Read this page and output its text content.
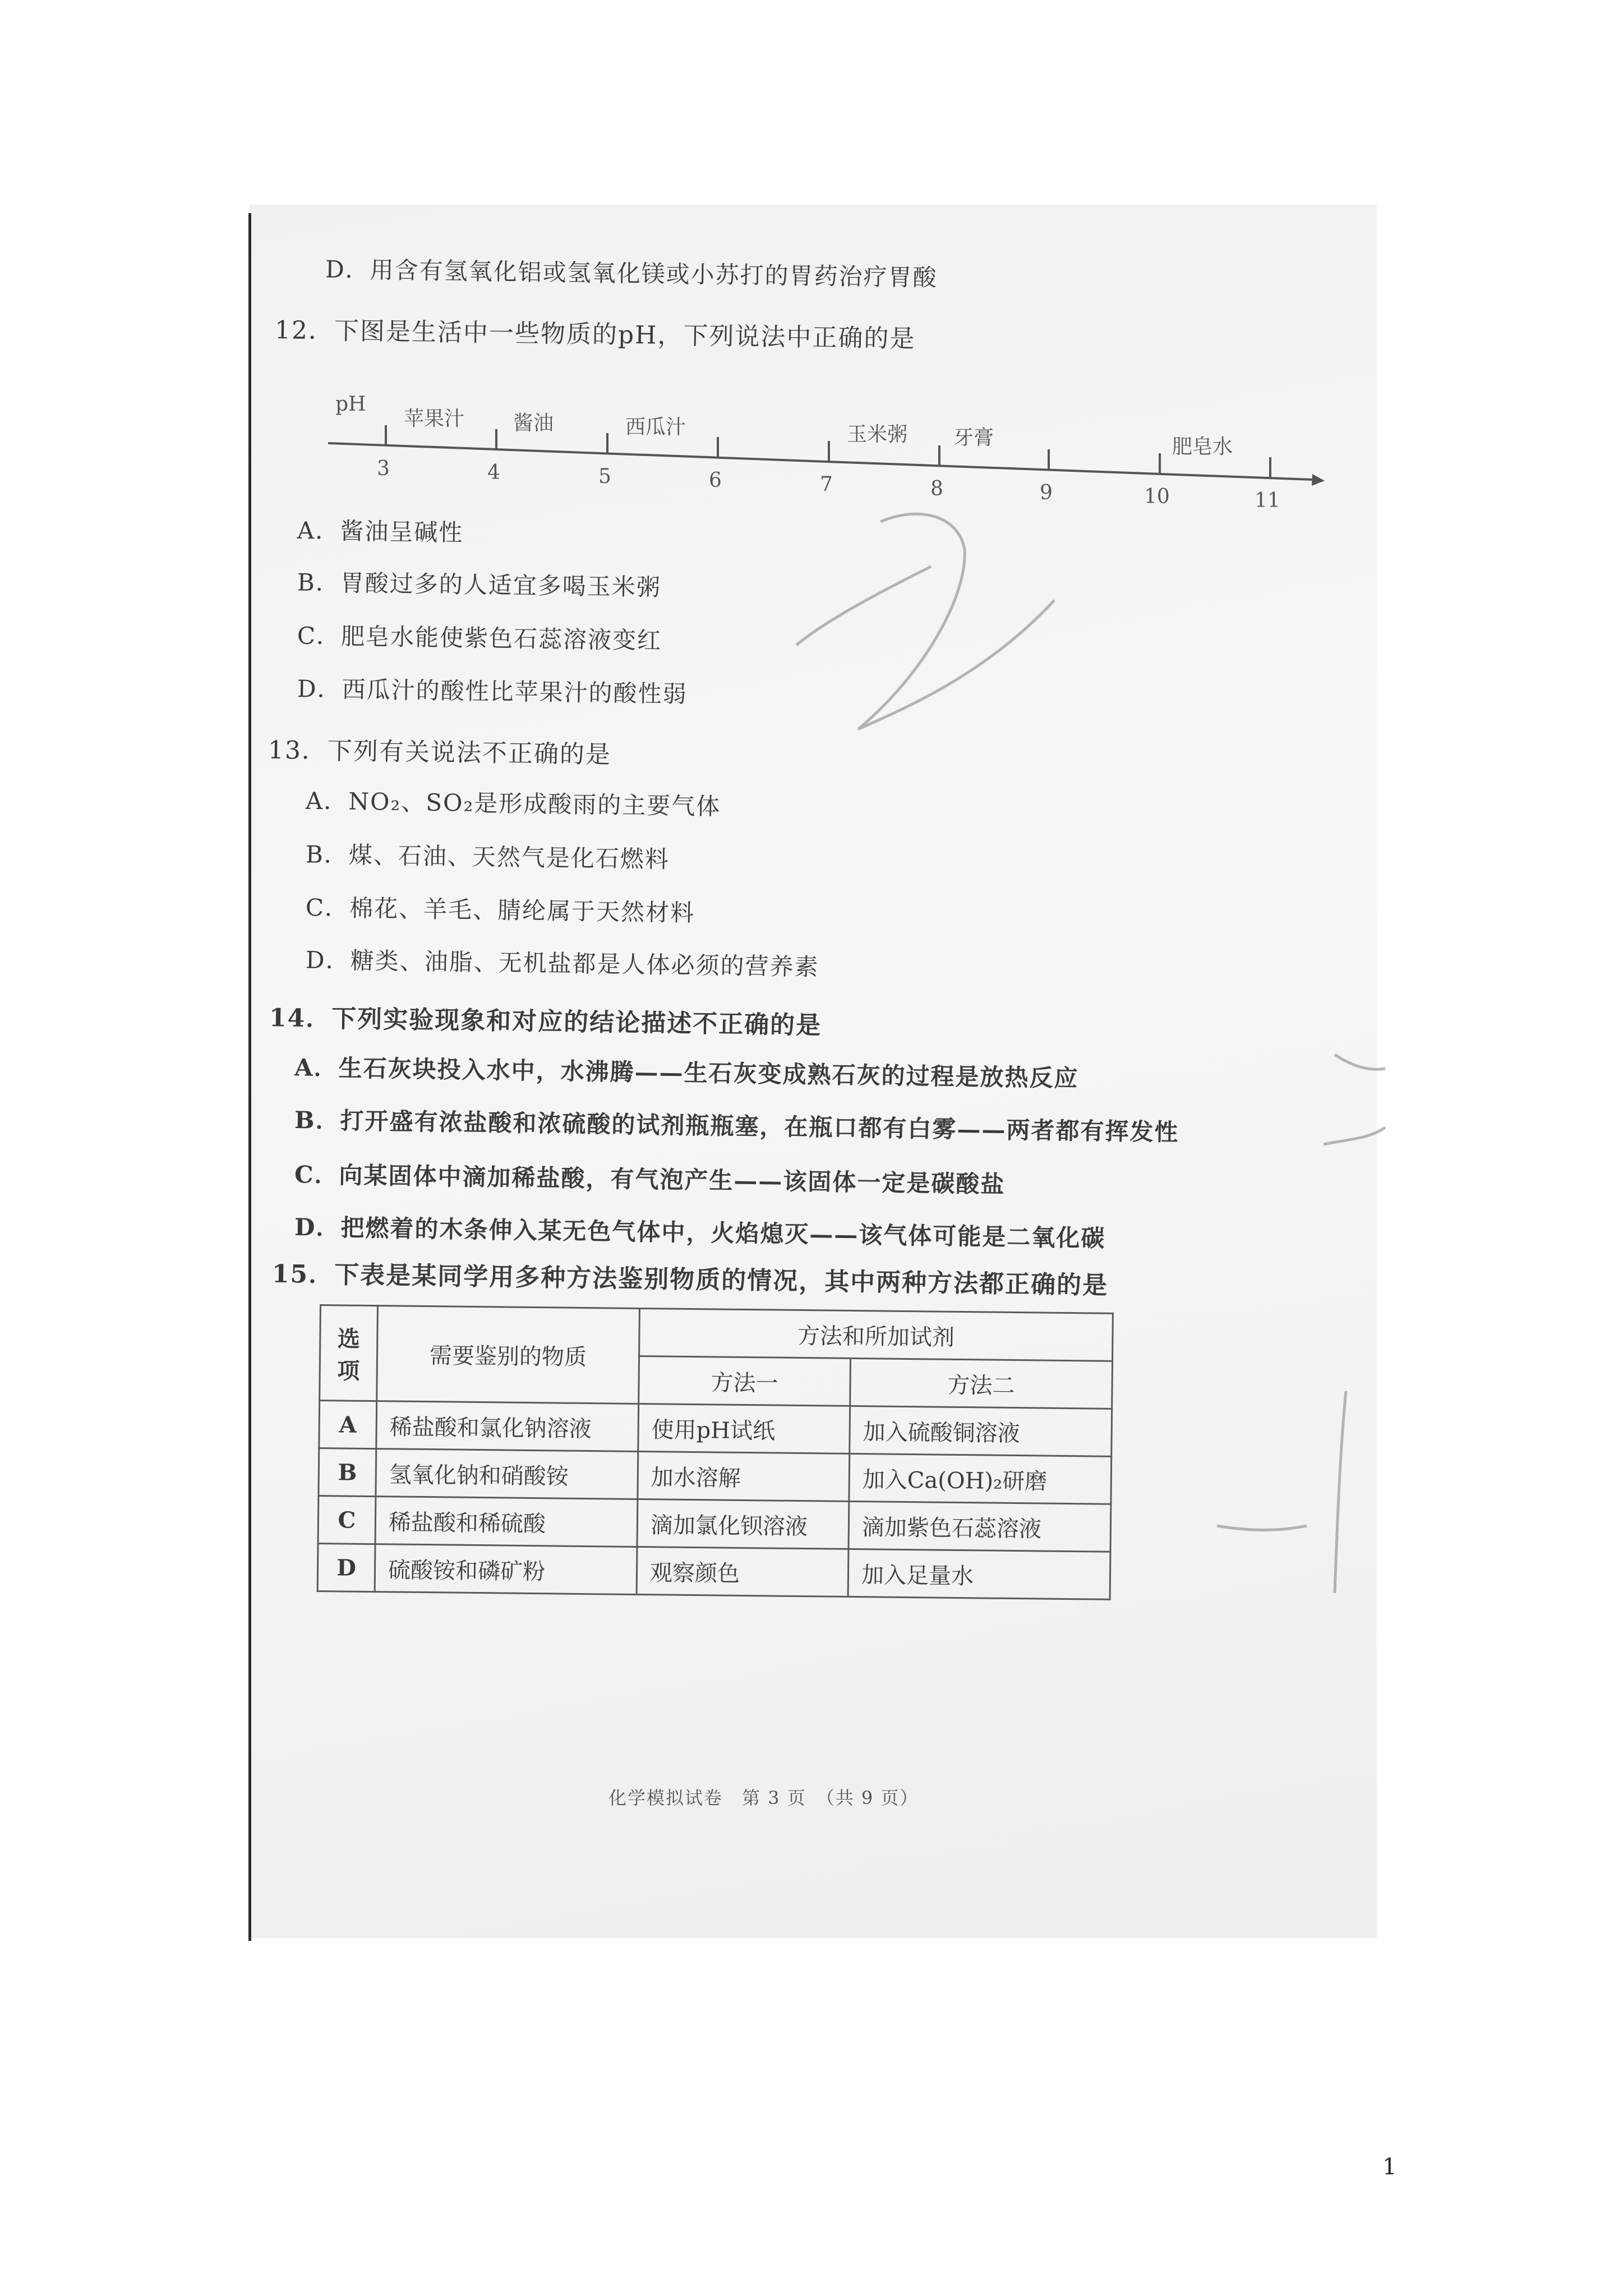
D．用含有氢氧化铝或氢氧化镁或小苏打的胃药治疗胃酸
12．下图是生活中一些物质的pH，下列说法中正确的是
pH
3	4	5	6	7	8	9	10	11
苹果汁 酱油	西瓜汁	玉米粥 牙膏	肥皂水
A．酱油呈碱性
B．胃酸过多的人适宜多喝玉米粥
C．肥皂水能使紫色石蕊溶液变红
D．西瓜汁的酸性比苹果汁的酸性弱
13．下列有关说法不正确的是
A．NO₂、SO₂是形成酸雨的主要气体
B．煤、石油、天然气是化石燃料
C．棉花、羊毛、腈纶属于天然材料
D．糖类、油脂、无机盐都是人体必须的营养素
14．下列实验现象和对应的结论描述不正确的是
A．生石灰块投入水中，水沸腾——生石灰变成熟石灰的过程是放热反应
B．打开盛有浓盐酸和浓硫酸的试剂瓶瓶塞，在瓶口都有白雾——两者都有挥发性
C．向某固体中滴加稀盐酸，有气泡产生——该固体一定是碳酸盐
D．把燃着的木条伸入某无色气体中，火焰熄灭——该气体可能是二氧化碳
15．下表是某同学用多种方法鉴别物质的情况，其中两种方法都正确的是
选项	需要鉴别的物质	方法和所加试剂	
		方法一	方法二
A	稀盐酸和氯化钠溶液	使用pH试纸	加入硫酸铜溶液
B	氢氧化钠和硝酸铵	加水溶解	加入Ca(OH)₂研磨
C	稀盐酸和稀硫酸	滴加氯化钡溶液	滴加紫色石蕊溶液
D	硫酸铵和磷矿粉	观察颜色	加入足量水
化学模拟试卷　第 3 页　（共 9 页）
1
